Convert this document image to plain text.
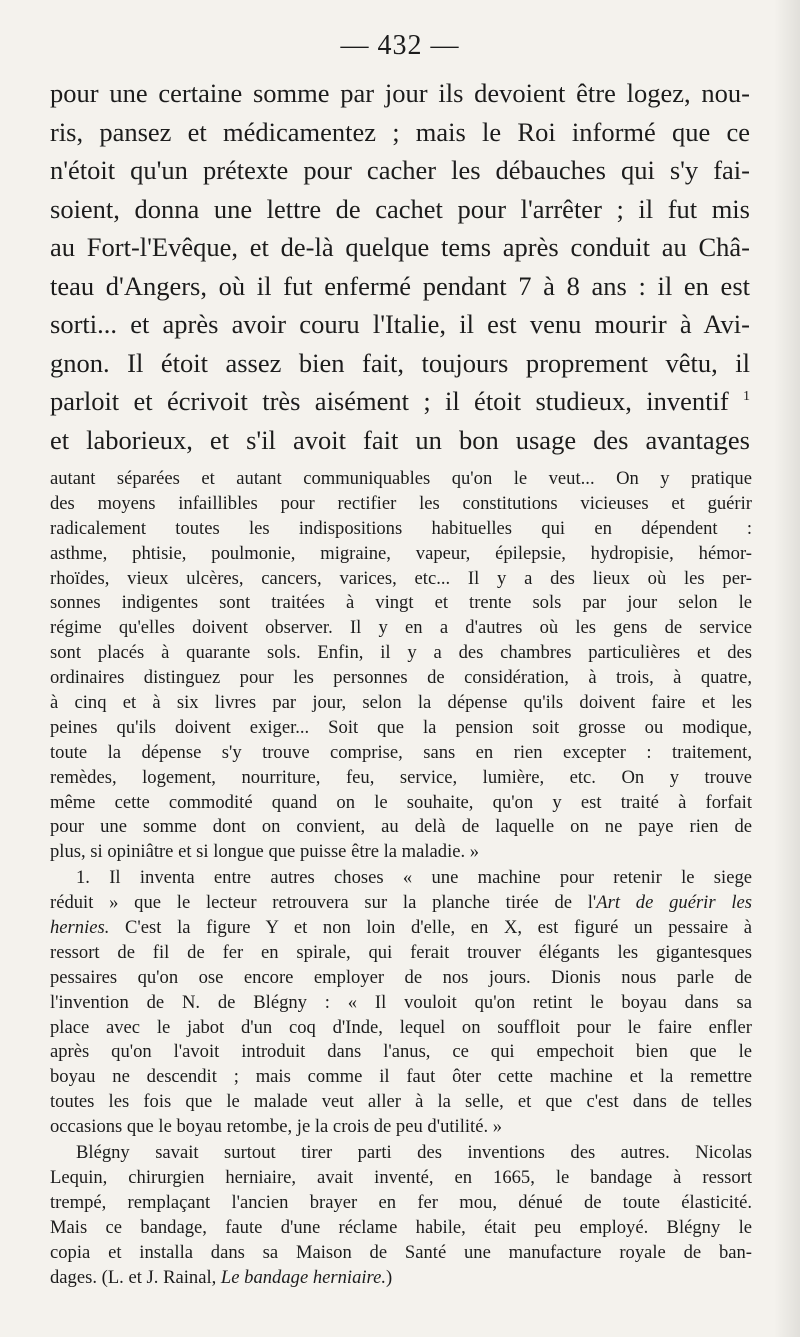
— 432 —
pour une certaine somme par jour ils devoient être logez, nou-
ris, pansez et médicamentez ; mais le Roi informé que ce
n'étoit qu'un prétexte pour cacher les débauches qui s'y fai-
soient, donna une lettre de cachet pour l'arrêter ; il fut mis
au Fort-l'Evêque, et de-là quelque tems après conduit au Châ-
teau d'Angers, où il fut enfermé pendant 7 à 8 ans : il en est
sorti... et après avoir couru l'Italie, il est venu mourir à Avi-
gnon. Il étoit assez bien fait, toujours proprement vêtu, il
parloit et écrivoit très aisément ; il étoit studieux, inventif $^1$
et laborieux, et s'il avoit fait un bon usage des avantages
autant séparées et autant communiquables qu'on le veut... On y pratique
des moyens infaillibles pour rectifier les constitutions vicieuses et guérir
radicalement toutes les indispositions habituelles qui en dépendent :
asthme, phtisie, poulmonie, migraine, vapeur, épilepsie, hydropisie, hémor-
rhoïdes, vieux ulcères, cancers, varices, etc... Il y a des lieux où les per-
sonnes indigentes sont traitées à vingt et trente sols par jour selon le
régime qu'elles doivent observer. Il y en a d'autres où les gens de service
sont placés à quarante sols. Enfin, il y a des chambres particulières et des
ordinaires distinguez pour les personnes de considération, à trois, à quatre,
à cinq et à six livres par jour, selon la dépense qu'ils doivent faire et les
peines qu'ils doivent exiger... Soit que la pension soit grosse ou modique,
toute la dépense s'y trouve comprise, sans en rien excepter : traitement,
remèdes, logement, nourriture, feu, service, lumière, etc. On y trouve
même cette commodité quand on le souhaite, qu'on y est traité à forfait
pour une somme dont on convient, au delà de laquelle on ne paye rien de
plus, si opiniâtre et si longue que puisse être la maladie. »
1. Il inventa entre autres choses « une machine pour retenir le siege
réduit » que le lecteur retrouvera sur la planche tirée de l'Art de guérir les
hernies. C'est la figure Y et non loin d'elle, en X, est figuré un pessaire à
ressort de fil de fer en spirale, qui ferait trouver élégants les gigantesques
pessaires qu'on ose encore employer de nos jours. Dionis nous parle de
l'invention de N. de Blégny : « Il vouloit qu'on retint le boyau dans sa
place avec le jabot d'un coq d'Inde, lequel on souffloit pour le faire enfler
après qu'on l'avoit introduit dans l'anus, ce qui empechoit bien que le
boyau ne descendit ; mais comme il faut ôter cette machine et la remettre
toutes les fois que le malade veut aller à la selle, et que c'est dans de telles
occasions que le boyau retombe, je la crois de peu d'utilité. »
Blégny savait surtout tirer parti des inventions des autres. Nicolas
Lequin, chirurgien herniaire, avait inventé, en 1665, le bandage à ressort
trempé, remplaçant l'ancien brayer en fer mou, dénué de toute élasticité.
Mais ce bandage, faute d'une réclame habile, était peu employé. Blégny le
copia et installa dans sa Maison de Santé une manufacture royale de ban-
dages. (L. et J. Rainal, Le bandage herniaire.)
